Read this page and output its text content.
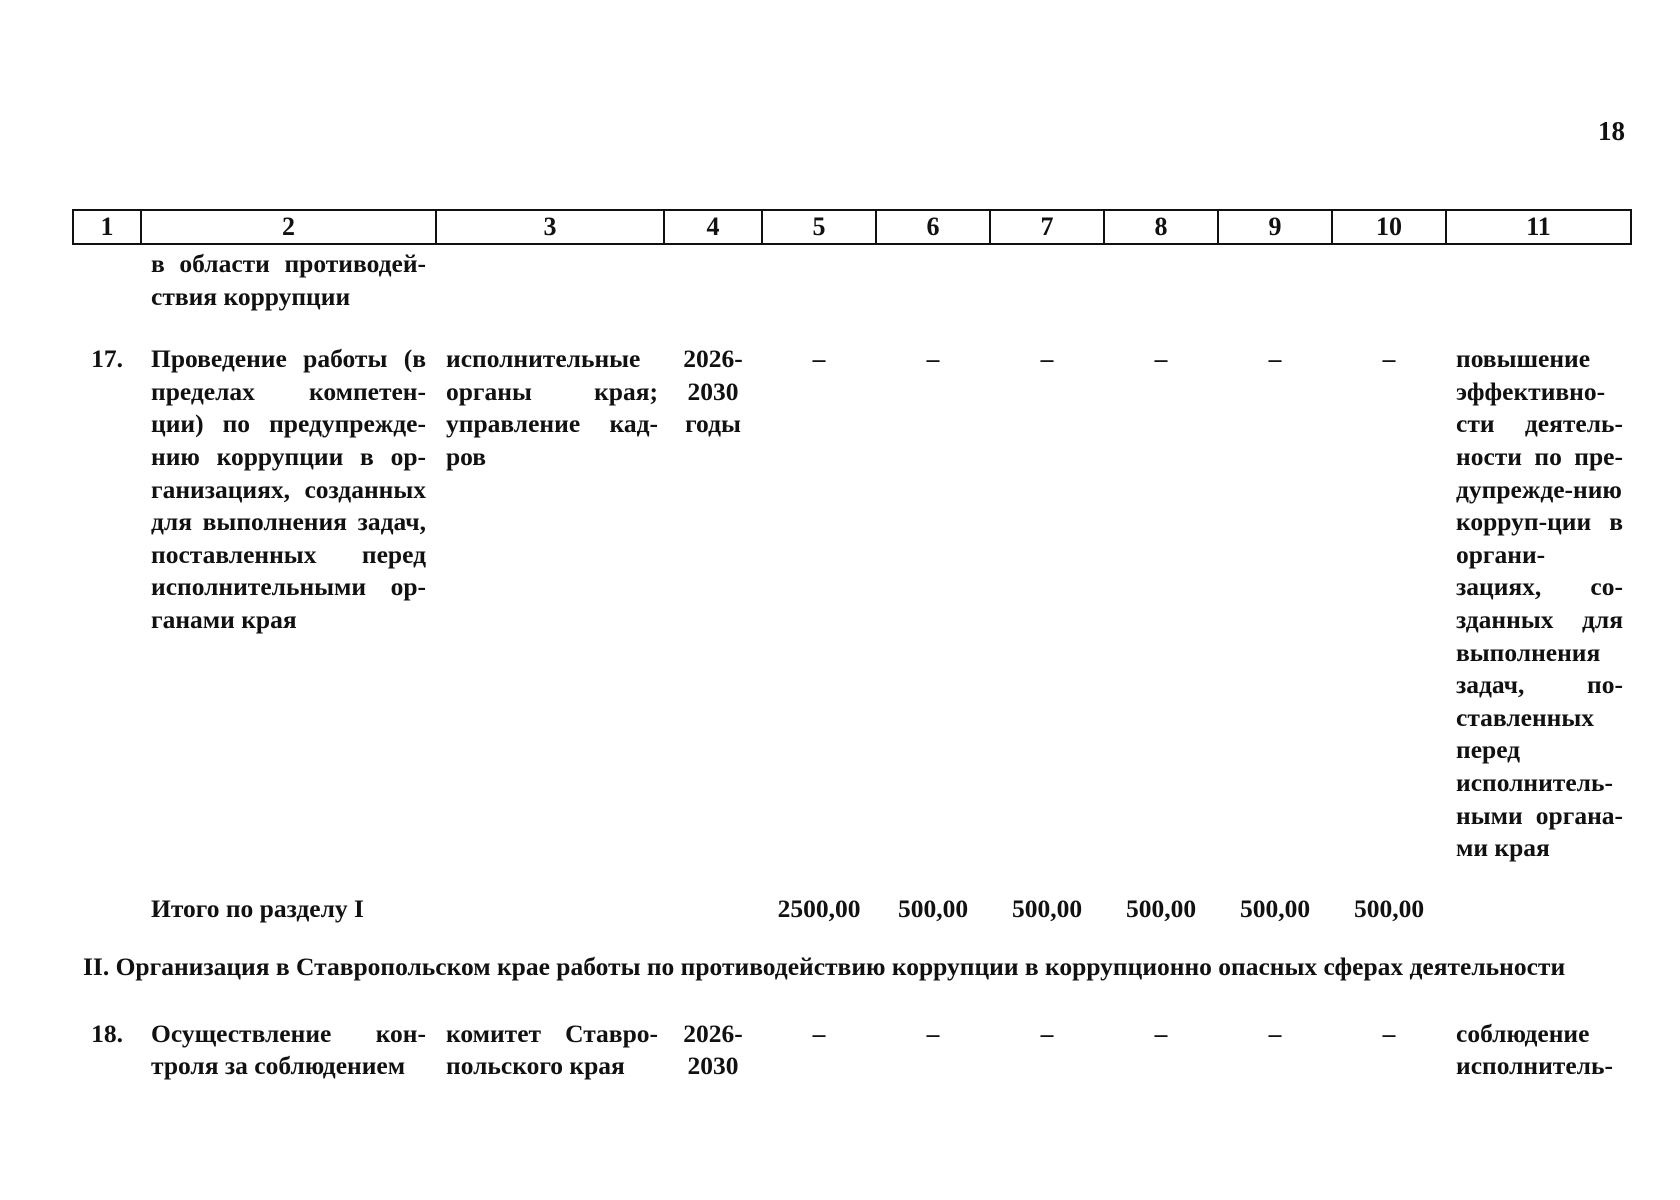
18
1	2	3	4	5	6	7	8	9	10	11
	в области противодей-ствия коррупции									
17.	Проведение работы (в пределах компетен-ции) по предупрежде-нию коррупции в ор-ганизациях, созданных для выполнения задач, поставленных перед исполнительными ор-ганами края	исполнительные органы края; управление кад-ров	2026-2030 годы	–	–	–	–	–	–	повышение эффективно-сти деятель-ности по пре-дупрежде-нию корруп-ции в органи-зациях, со-зданных для выполнения задач, по-ставленных перед исполнитель-ными органа-ми края
	Итого по разделу I			2500,00	500,00	500,00	500,00	500,00	500,00	
II. Организация в Ставропольском крае работы по противодействию коррупции в коррупционно опасных сферах деятельности										
18.	Осуществление кон-троля за соблюдением	комитет Ставро-польского края	2026-2030	–	–	–	–	–	–	соблюдение исполнитель-
